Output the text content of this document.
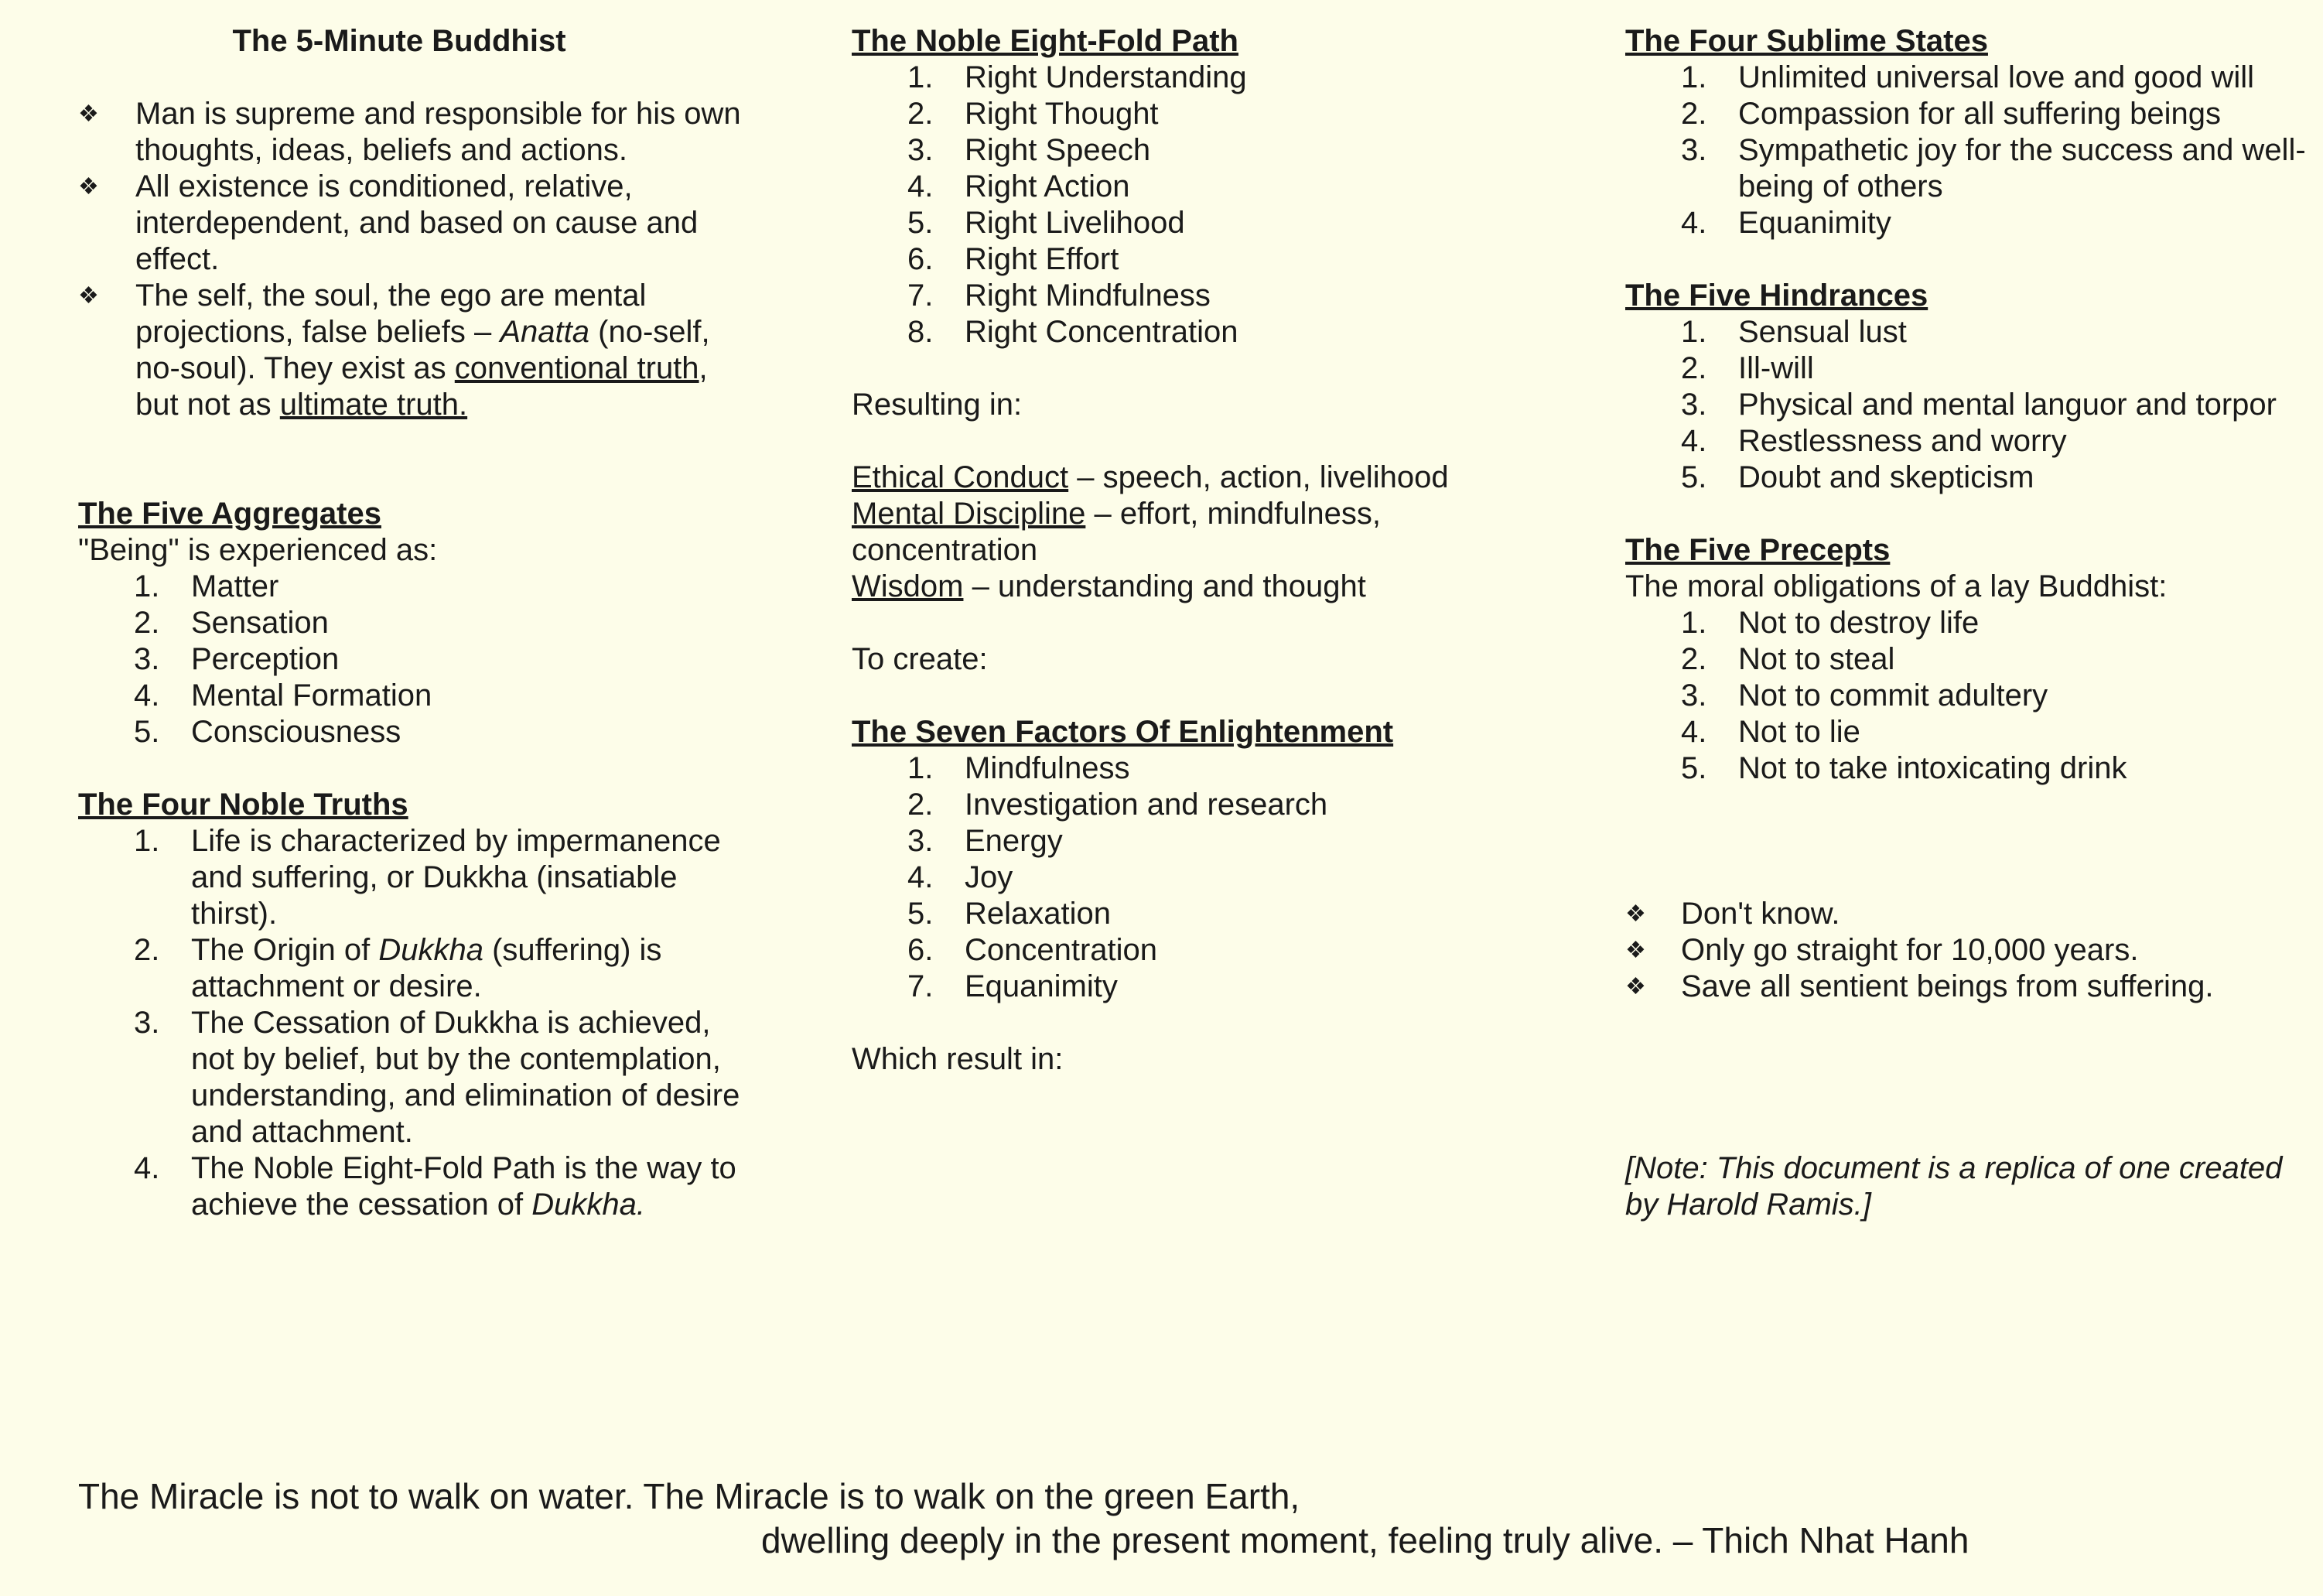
The 5-Minute Buddhist

❖ Man is supreme and responsible for his own thoughts, ideas, beliefs and actions.
❖ All existence is conditioned, relative, interdependent, and based on cause and effect.
❖ The self, the soul, the ego are mental projections, false beliefs – Anatta (no-self, no-soul). They exist as conventional truth, but not as ultimate truth.

The Five Aggregates

"Being" is experienced as:

1. Matter
2. Sensation
3. Perception
4. Mental Formation
5. Consciousness

The Four Noble Truths

1. Life is characterized by impermanence and suffering, or Dukkha (insatiable thirst).
2. The Origin of Dukkha (suffering) is attachment or desire.
3. The Cessation of Dukkha is achieved, not by belief, but by the contemplation, understanding, and elimination of desire and attachment.
4. The Noble Eight-Fold Path is the way to achieve the cessation of Dukkha.

The Noble Eight-Fold Path

1. Right Understanding
2. Right Thought
3. Right Speech
4. Right Action
5. Right Livelihood
6. Right Effort
7. Right Mindfulness
8. Right Concentration

Resulting in:

Ethical Conduct – speech, action, livelihood

Mental Discipline – effort, mindfulness, concentration

Wisdom – understanding and thought

To create:

The Seven Factors Of Enlightenment

1. Mindfulness
2. Investigation and research
3. Energy
4. Joy
5. Relaxation
6. Concentration
7. Equanimity

Which result in:

The Four Sublime States

1. Unlimited universal love and good will
2. Compassion for all suffering beings
3. Sympathetic joy for the success and well-being of others
4. Equanimity

The Five Hindrances

1. Sensual lust
2. Ill-will
3. Physical and mental languor and torpor
4. Restlessness and worry
5. Doubt and skepticism

The Five Precepts

The moral obligations of a lay Buddhist:

1. Not to destroy life
2. Not to steal
3. Not to commit adultery
4. Not to lie
5. Not to take intoxicating drink
❖ Don't know.
❖ Only go straight for 10,000 years.
❖ Save all sentient beings from suffering.

[Note: This document is a replica of one created by Harold Ramis.]

The Miracle is not to walk on water. The Miracle is to walk on the green Earth,
dwelling deeply in the present moment, feeling truly alive. – Thich Nhat Hanh
